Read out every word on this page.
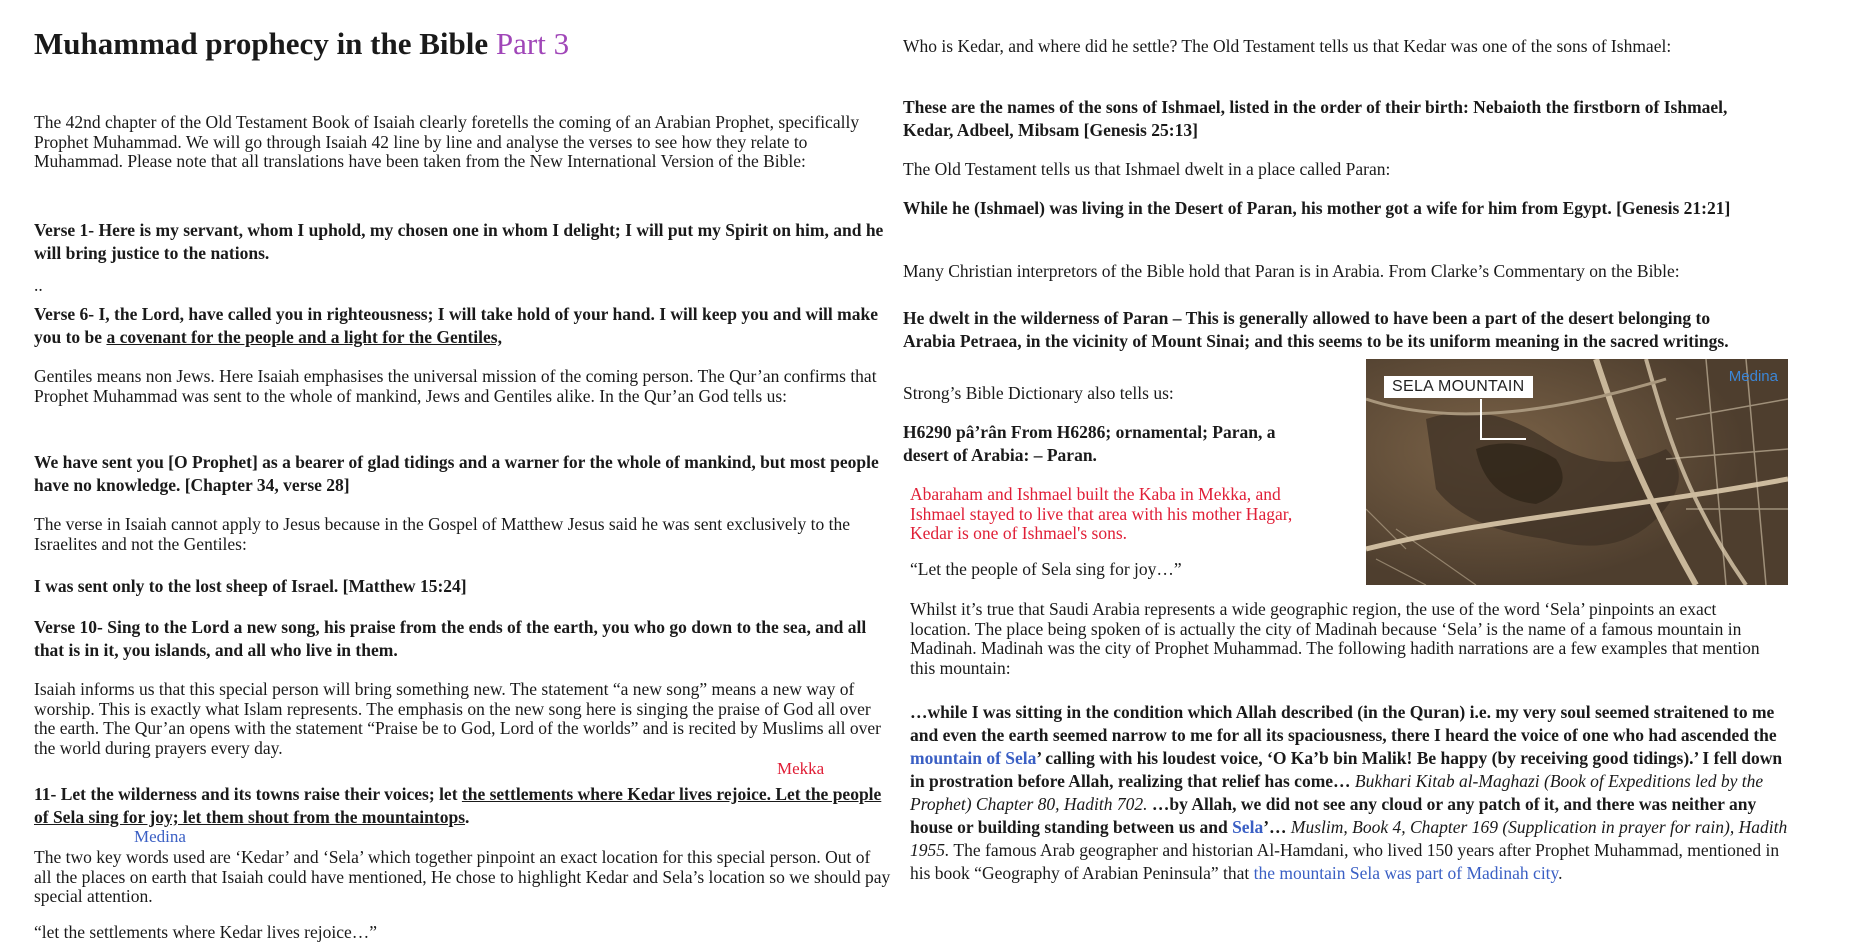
Muhammad prophecy in the Bible Part 3

The 42nd chapter of the Old Testament Book of Isaiah clearly foretells the coming of an Arabian Prophet, specifically Prophet Muhammad. We will go through Isaiah 42 line by line and analyse the verses to see how they relate to Muhammad. Please note that all translations have been taken from the New International Version of the Bible:

Verse 1- Here is my servant, whom I uphold, my chosen one in whom I delight; I will put my Spirit on him, and he will bring justice to the nations.

..

Verse 6- I, the Lord, have called you in righteousness; I will take hold of your hand. I will keep you and will make you to be a covenant for the people and a light for the Gentiles,

Gentiles means non Jews. Here Isaiah emphasises the universal mission of the coming person. The Qur’an confirms that Prophet Muhammad was sent to the whole of mankind, Jews and Gentiles alike. In the Qur’an God tells us:

We have sent you [O Prophet] as a bearer of glad tidings and a warner for the whole of mankind, but most people have no knowledge. [Chapter 34, verse 28]

The verse in Isaiah cannot apply to Jesus because in the Gospel of Matthew Jesus said he was sent exclusively to the Israelites and not the Gentiles:

I was sent only to the lost sheep of Israel. [Matthew 15:24]

Verse 10- Sing to the Lord a new song, his praise from the ends of the earth, you who go down to the sea, and all that is in it, you islands, and all who live in them.

Isaiah informs us that this special person will bring something new. The statement “a new song” means a new way of worship. This is exactly what Islam represents. The emphasis on the new song here is singing the praise of God all over the earth. The Qur’an opens with the statement “Praise be to God, Lord of the worlds” and is recited by Muslims all over the world during prayers every day.

Mekka

11- Let the wilderness and its towns raise their voices; let the settlements where Kedar lives rejoice. Let the people of Sela sing for joy; let them shout from the mountaintops.

Medina

The two key words used are ‘Kedar’ and ‘Sela’ which together pinpoint an exact location for this special person. Out of all the places on earth that Isaiah could have mentioned, He chose to highlight Kedar and Sela’s location so we should pay special attention.

“let the settlements where Kedar lives rejoice…”

Who is Kedar, and where did he settle? The Old Testament tells us that Kedar was one of the sons of Ishmael:

These are the names of the sons of Ishmael, listed in the order of their birth: Nebaioth the firstborn of Ishmael, Kedar, Adbeel, Mibsam [Genesis 25:13]

The Old Testament tells us that Ishmael dwelt in a place called Paran:

While he (Ishmael) was living in the Desert of Paran, his mother got a wife for him from Egypt. [Genesis 21:21]

Many Christian interpretors of the Bible hold that Paran is in Arabia. From Clarke’s Commentary on the Bible:

He dwelt in the wilderness of Paran – This is generally allowed to have been a part of the desert belonging to Arabia Petraea, in the vicinity of Mount Sinai; and this seems to be its uniform meaning in the sacred writings.

Strong’s Bible Dictionary also tells us:

H6290 pâ’rân From H6286; ornamental; Paran, a desert of Arabia: – Paran.

Abaraham and Ishmael built the Kaba in Mekka, and Ishmael stayed to live that area with his mother Hagar, Kedar is one of Ishmael's sons.

“Let the people of Sela sing for joy…”

SELA MOUNTAIN
Medina

Whilst it’s true that Saudi Arabia represents a wide geographic region, the use of the word ‘Sela’ pinpoints an exact location. The place being spoken of is actually the city of Madinah because ‘Sela’ is the name of a famous mountain in Madinah. Madinah was the city of Prophet Muhammad. The following hadith narrations are a few examples that mention this mountain:

…while I was sitting in the condition which Allah described (in the Quran) i.e. my very soul seemed straitened to me and even the earth seemed narrow to me for all its spaciousness, there I heard the voice of one who had ascended the mountain of Sela’ calling with his loudest voice, ‘O Ka’b bin Malik! Be happy (by receiving good tidings).’ I fell down in prostration before Allah, realizing that relief has come… Bukhari Kitab al-Maghazi (Book of Expeditions led by the Prophet) Chapter 80, Hadith 702. …by Allah, we did not see any cloud or any patch of it, and there was neither any house or building standing between us and Sela’… Muslim, Book 4, Chapter 169 (Supplication in prayer for rain), Hadith 1955. The famous Arab geographer and historian Al-Hamdani, who lived 150 years after Prophet Muhammad, mentioned in his book “Geography of Arabian Peninsula” that the mountain Sela was part of Madinah city.
